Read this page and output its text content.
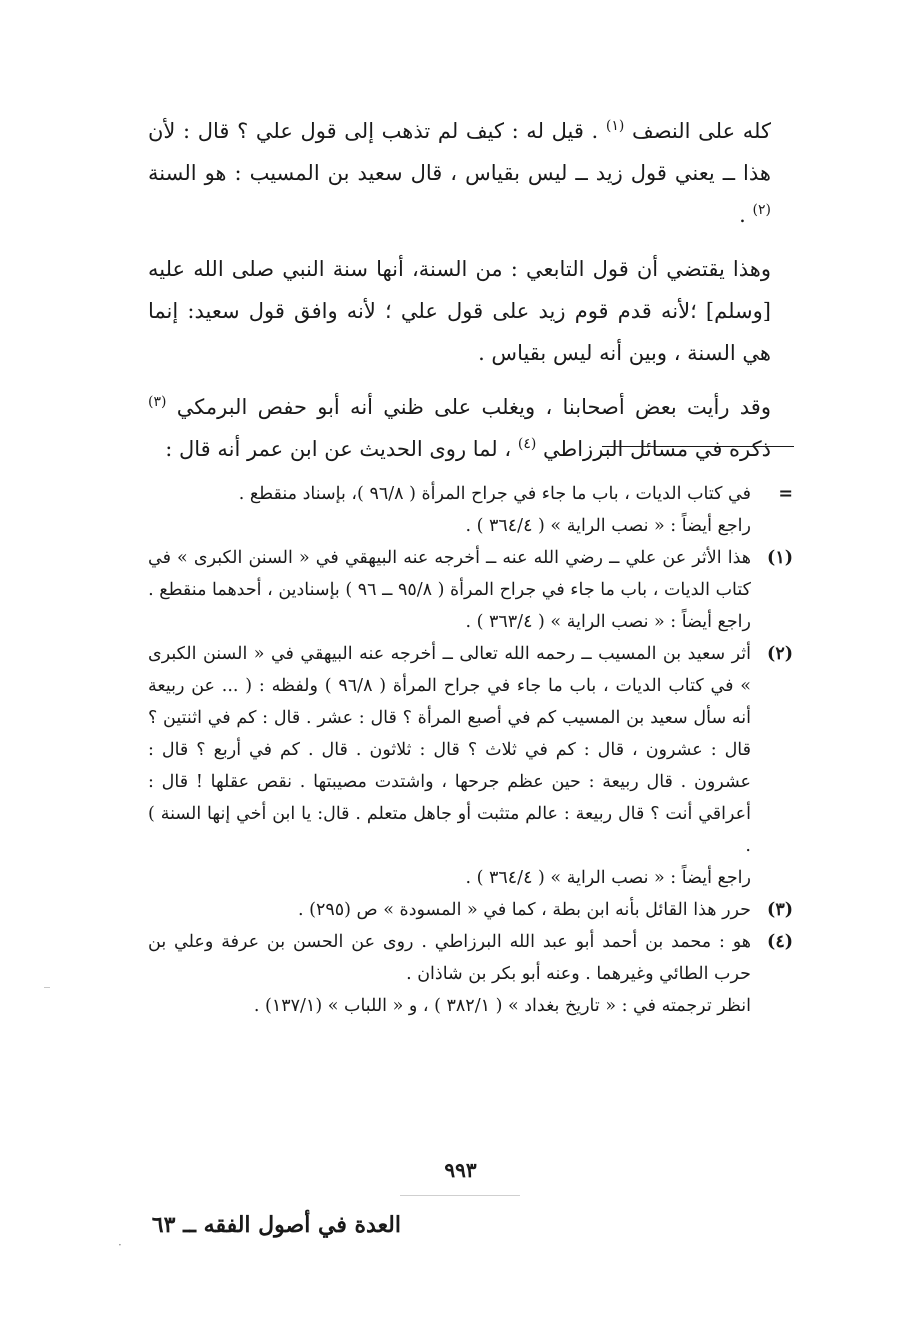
كله على النصف $^{(١)}$ . قيل له : كيف لم تذهب إلى قول علي ؟ قال : لأن هذا ــ يعني قول زيد ــ ليس بقياس ، قال سعيد بن المسيب : هو السنة $^{(٢)}$ .

وهذا يقتضي أن قول التابعي : من السنة، أنها سنة النبي صلى الله عليه [وسلم] ؛لأنه قدم قوم زيد على قول علي ؛ لأنه وافق قول سعيد: إنما هي السنة ، وبين أنه ليس بقياس .

وقد رأيت بعض أصحابنا ، ويغلب على ظني أنه أبو حفص البرمكي $^{(٣)}$ ذكره في مسائل البرزاطي $^{(٤)}$ ، لما روى الحديث عن ابن عمر أنه قال :

=

في كتاب الديات ، باب ما جاء في جراح المرأة ( ٩٦/٨ )، بإسناد منقطع .

راجع أيضاً : « نصب الراية » ( ٣٦٤/٤ ) .

(١)

هذا الأثر عن علي ــ رضي الله عنه ــ أخرجه عنه البيهقي في « السنن الكبرى » في كتاب الديات ، باب ما جاء في جراح المرأة ( ٩٥/٨ ــ ٩٦ ) بإسنادين ، أحدهما منقطع .

راجع أيضاً : « نصب الراية » ( ٣٦٣/٤ ) .

(٢)

أثر سعيد بن المسيب ــ رحمه الله تعالى ــ أخرجه عنه البيهقي في « السنن الكبرى » في كتاب الديات ، باب ما جاء في جراح المرأة ( ٩٦/٨ ) ولفظه : ( ... عن ربيعة أنه سأل سعيد بن المسيب كم في أصبع المرأة ؟ قال : عشر . قال : كم في اثنتين ؟ قال : عشرون ، قال : كم في ثلاث ؟ قال : ثلاثون . قال . كم في أربع ؟ قال : عشرون . قال ربيعة : حين عظم جرحها ، واشتدت مصيبتها . نقص عقلها ! قال : أعراقي أنت ؟ قال ربيعة : عالم متثبت أو جاهل متعلم . قال: يا ابن أخي إنها السنة ) .

راجع أيضاً : « نصب الراية » ( ٣٦٤/٤ ) .

(٣)

حرر هذا القائل بأنه ابن بطة ، كما في « المسودة » ص (٢٩٥) .

(٤)

هو : محمد بن أحمد أبو عبد الله البرزاطي . روى عن الحسن بن عرفة وعلي بن حرب الطائي وغيرهما . وعنه أبو بكر بن شاذان .

انظر ترجمته في : « تاريخ بغداد » ( ٣٨٢/١ ) ، و « اللباب » (١٣٧/١) .

٩٩٣
العدة في أصول الفقه ــ ٦٣
‾
·
